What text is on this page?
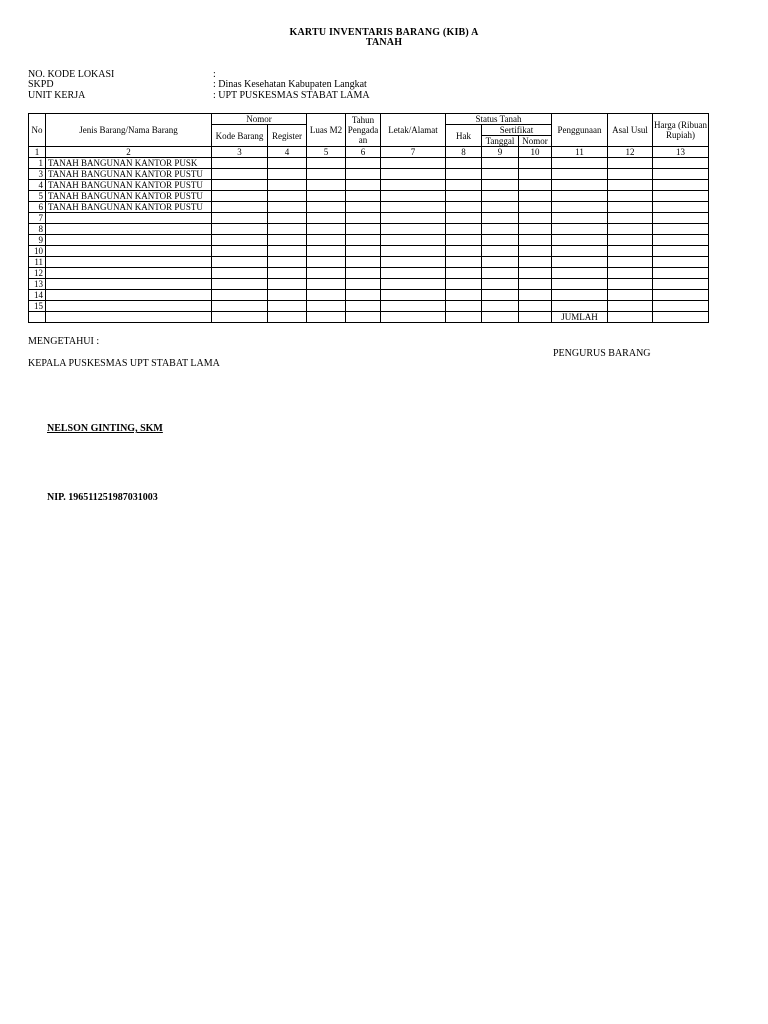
KARTU INVENTARIS BARANG (KIB) A
TANAH
NO. KODE LOKASI	:
SKPD	: Dinas Kesehatan Kabupaten Langkat
UNIT KERJA	: UPT PUSKESMAS STABAT LAMA
No	Jenis Barang/Nama Barang	Nomor		Luas M2	Tahun Pengada an	Letak/Alamat	Status Tanah			Penggunaan	Asal Usul	Harga (Ribuan Rupiah)
		Kode Barang	Register				Hak	Sertifikat				
								Tanggal	Nomor			
1	2	3	4	5	6	7	8	9	10	11	12	13
1	TANAH BANGUNAN KANTOR PUSK											
3	TANAH BANGUNAN KANTOR PUSTU											
4	TANAH BANGUNAN KANTOR PUSTU											
5	TANAH BANGUNAN KANTOR PUSTU											
6	TANAH BANGUNAN KANTOR PUSTU											
7												
8												
9												
10												
11												
12												
13												
14												
15												
										JUMLAH		
MENGETAHUI :
PENGURUS BARANG
KEPALA PUSKESMAS UPT STABAT LAMA
NELSON GINTING, SKM
NIP. 196511251987031003
